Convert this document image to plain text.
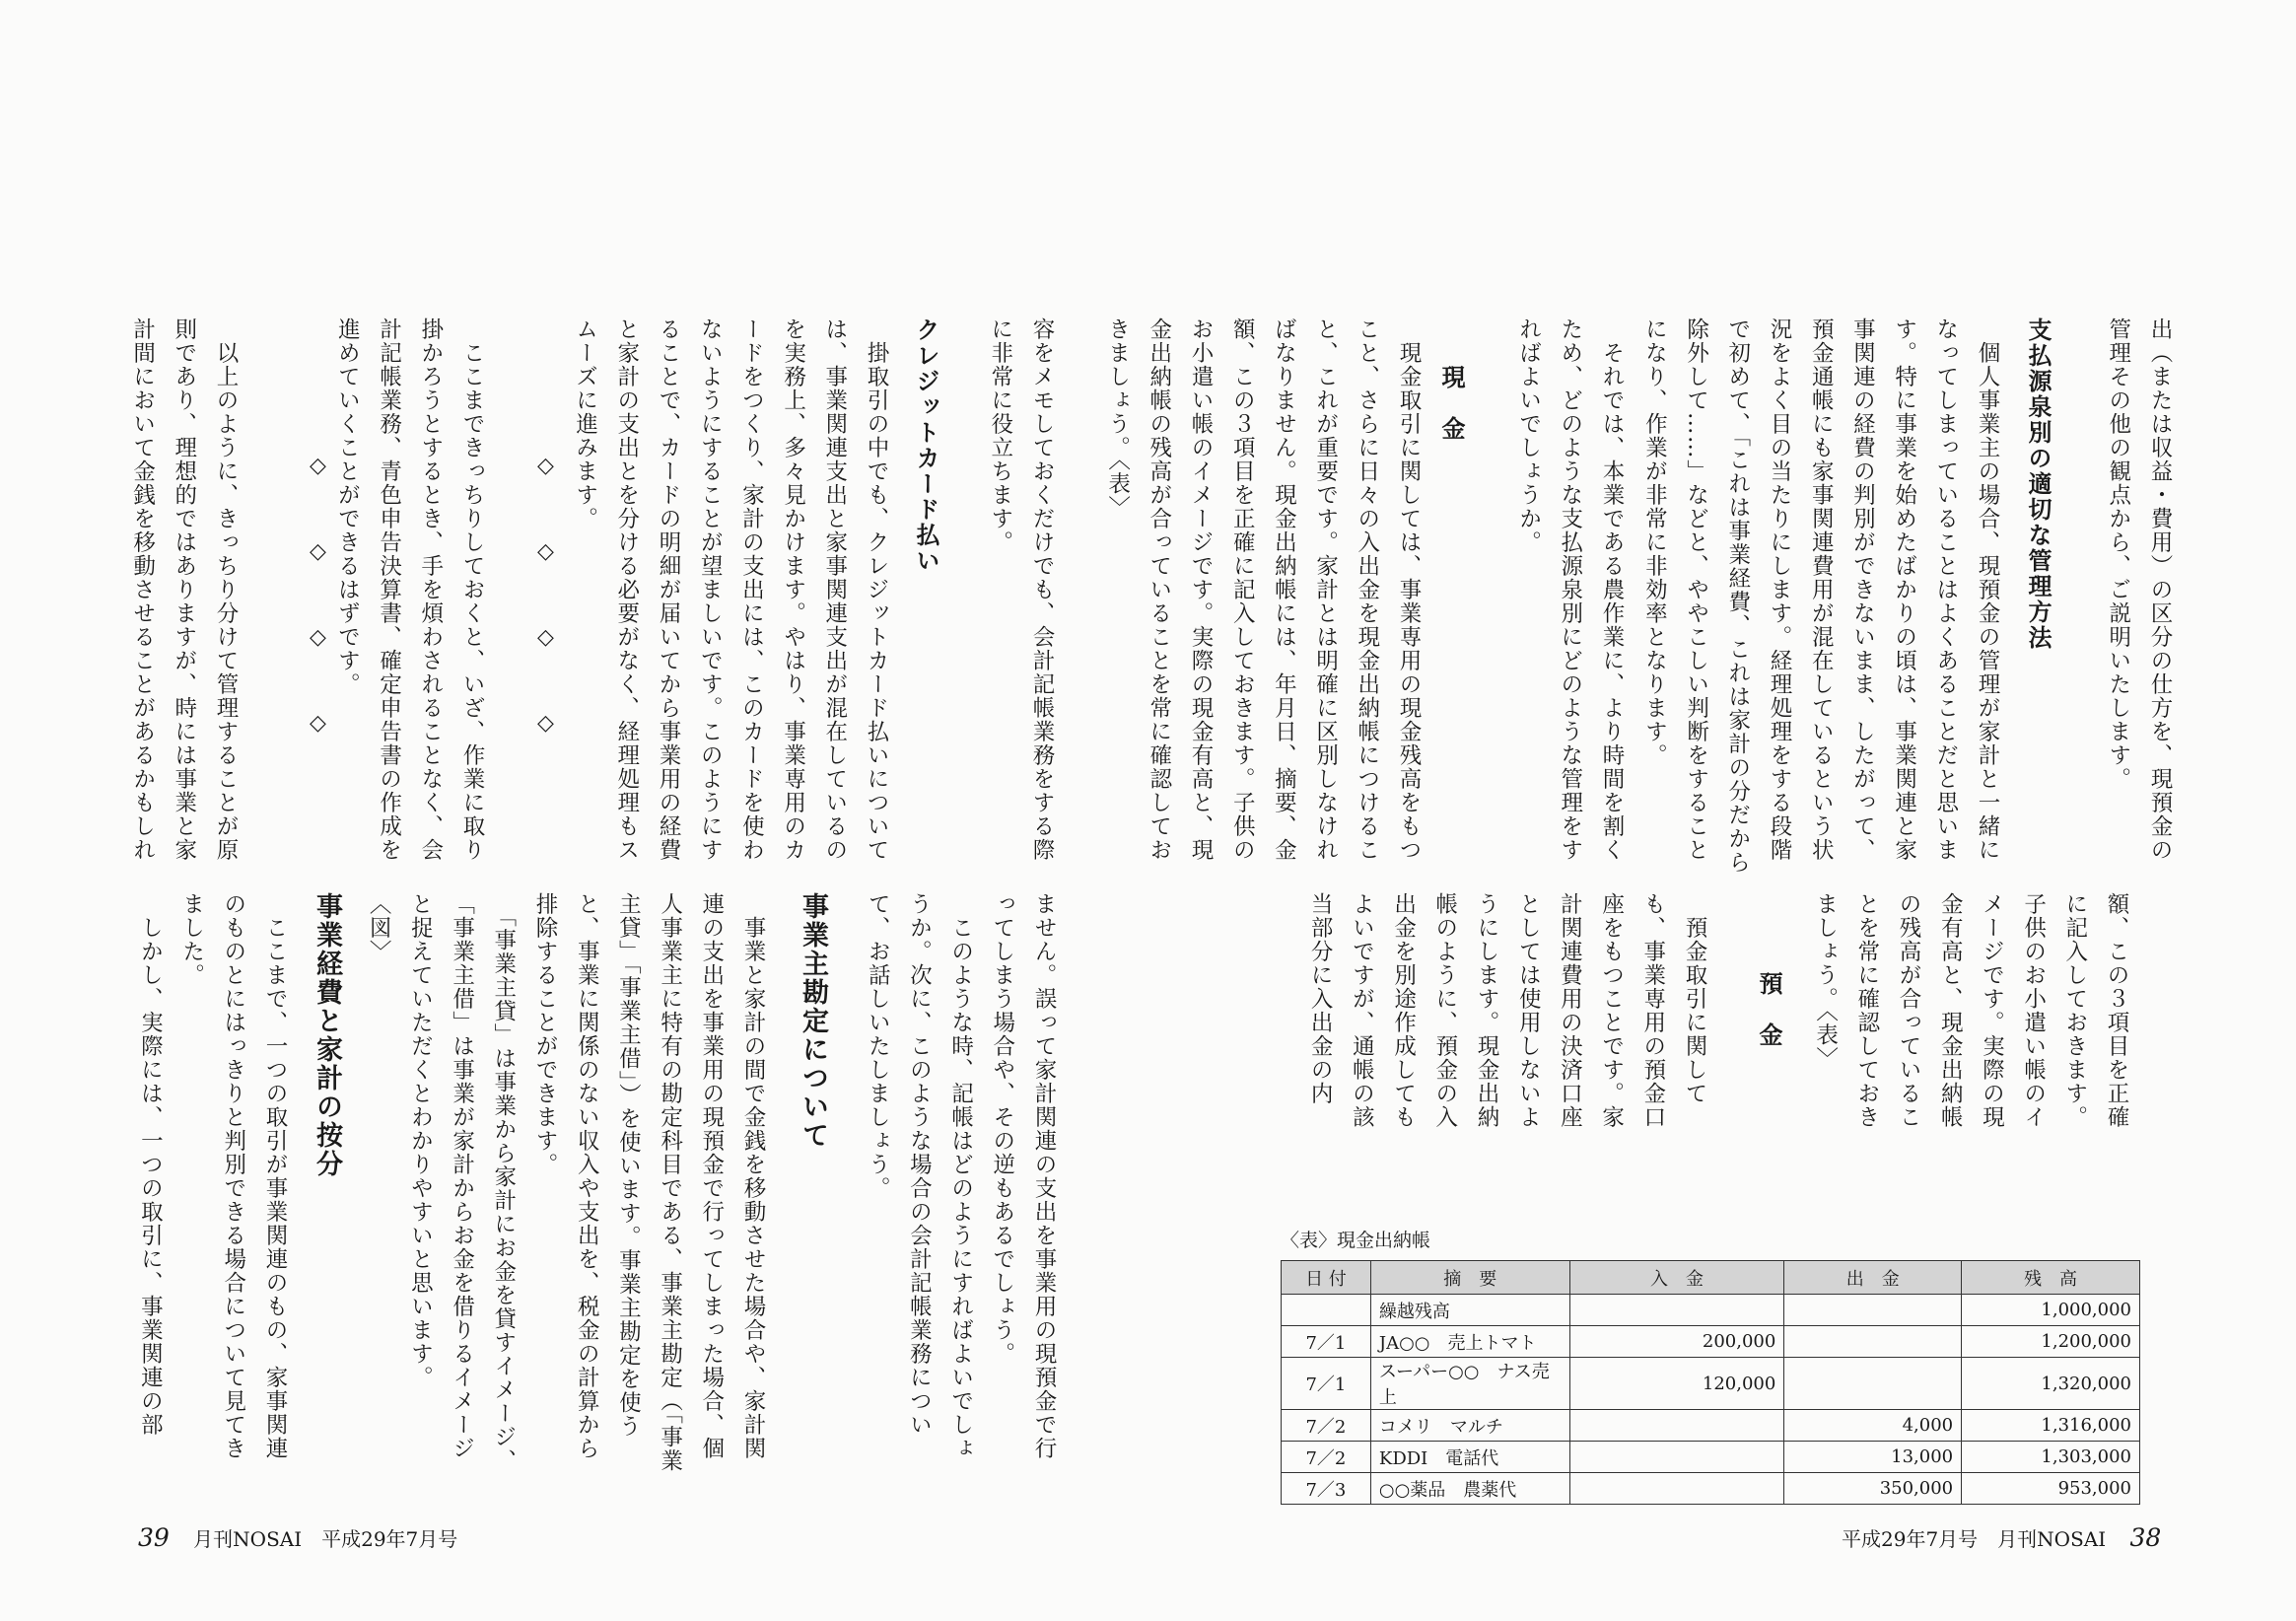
出（または収益・費用）の区分の仕方を、現預金の管理その他の観点から、ご説明いたします。

支払源泉別の適切な管理方法

　個人事業主の場合、現預金の管理が家計と一緒になってしまっていることはよくあることだと思います。特に事業を始めたばかりの頃は、事業関連と家事関連の経費の判別ができないまま、したがって、預金通帳にも家事関連費用が混在しているという状況をよく目の当たりにします。経理処理をする段階で初めて、「これは事業経費、これは家計の分だから除外して……」などと、ややこしい判断をすることになり、作業が非常に非効率となります。

　それでは、本業である農作業に、より時間を割くため、どのような支払源泉別にどのような管理をすればよいでしょうか。

現　金

　現金取引に関しては、事業専用の現金残高をもつこと、さらに日々の入出金を現金出納帳につけること、これが重要です。家計とは明確に区別しなければなりません。現金出納帳には、年月日、摘要、金額、この３項目を正確に記入しておきます。子供のお小遣い帳のイメージです。実際の現金有高と、現金出納帳の残高が合っていることを常に確認しておきましょう。〈表〉

額、この３項目を正確に記入しておきます。子供のお小遣い帳のイメージです。実際の現金有高と、現金出納帳の残高が合っていることを常に確認しておきましょう。〈表〉

預　金

　預金取引に関しても、事業専用の預金口座をもつことです。家計関連費用の決済口座としては使用しないようにします。現金出納帳のように、預金の入出金を別途作成してもよいですが、通帳の該当部分に入出金の内

〈表〉現金出納帳
日 付	摘　要	入　金	出　金	残　高
	繰越残高			1,000,000
7／1	JA○○　売上トマト	200,000		1,200,000
7／1	スーパー○○　ナス売上	120,000		1,320,000
7／2	コメリ　マルチ		4,000	1,316,000
7／2	KDDI　電話代		13,000	1,303,000
7／3	○○薬品　農薬代		350,000	953,000

容をメモしておくだけでも、会計記帳業務をする際に非常に役立ちます。

クレジットカード払い

　掛取引の中でも、クレジットカード払いについては、事業関連支出と家事関連支出が混在しているのを実務上、多々見かけます。やはり、事業専用のカードをつくり、家計の支出には、このカードを使わないようにすることが望ましいです。このようにすることで、カードの明細が届いてから事業用の経費と家計の支出とを分ける必要がなく、経理処理もスムーズに進みます。

◇　◇　◇　◇

　ここまできっちりしておくと、いざ、作業に取り掛かろうとするとき、手を煩わされることなく、会計記帳業務、青色申告決算書、確定申告書の作成を進めていくことができるはずです。

◇　◇　◇　◇

　以上のように、きっちり分けて管理することが原則であり、理想的ではありますが、時には事業と家計間において金銭を移動させることがあるかもしれ

ません。誤って家計関連の支出を事業用の現預金で行ってしまう場合や、その逆もあるでしょう。
　このような時、記帳はどのようにすればよいでしょうか。次に、このような場合の会計記帳業務について、お話しいたしましょう。

事業主勘定について

　事業と家計の間で金銭を移動させた場合や、家計関連の支出を事業用の現預金で行ってしまった場合、個人事業主に特有の勘定科目である、事業主勘定（「事業主貸」「事業主借」）を使います。事業主勘定を使うと、事業に関係のない収入や支出を、税金の計算から排除することができます。
　「事業主貸」は事業から家計にお金を貸すイメージ、「事業主借」は事業が家計からお金を借りるイメージと捉えていただくとわかりやすいと思います。
〈図〉

事業経費と家計の按分

　ここまで、一つの取引が事業関連のもの、家事関連のものとにはっきりと判別できる場合について見てきました。
　しかし、実際には、一つの取引に、事業関連の部

39 月刊NOSAI　平成29年7月号	平成29年7月号　月刊NOSAI 38
